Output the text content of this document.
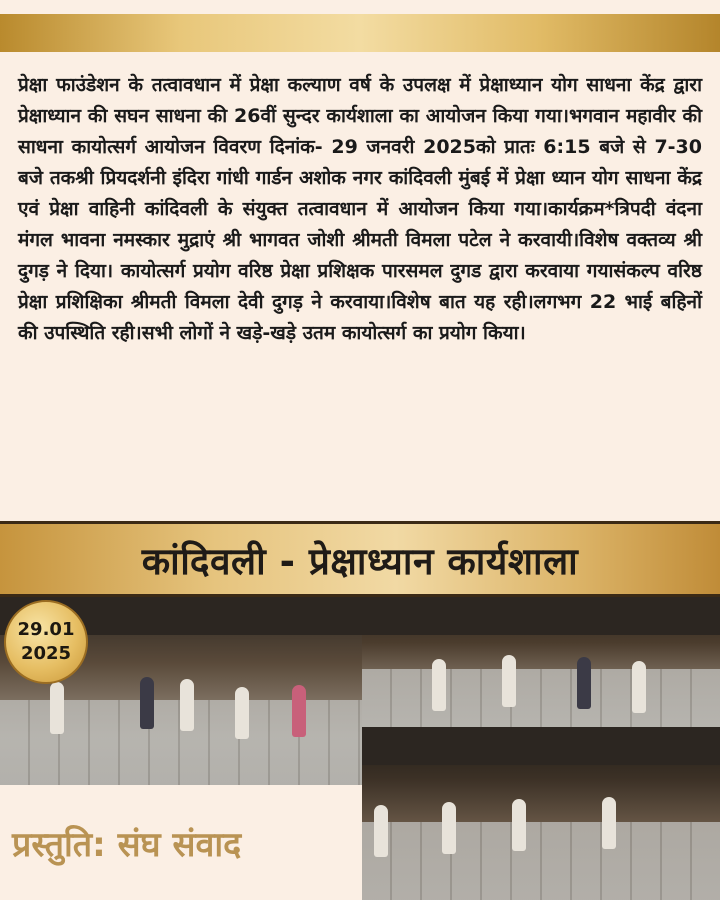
प्रेक्षा फाउंडेशन के तत्वावधान में प्रेक्षा कल्याण वर्ष के उपलक्ष में प्रेक्षाध्यान योग साधना केंद्र द्वारा प्रेक्षाध्यान की सघन साधना की 26वीं सुन्दर कार्यशाला का आयोजन किया गया।भगवान महावीर की साधना कायोत्सर्ग आयोजन विवरण दिनांक- 29 जनवरी 2025को प्रातः 6:15 बजे से 7-30 बजे तकश्री प्रियदर्शनी इंदिरा गांधी गार्डन अशोक नगर कांदिवली मुंबई में प्रेक्षा ध्यान योग साधना केंद्र एवं प्रेक्षा वाहिनी कांदिवली के संयुक्त तत्वावधान में आयोजन किया गया।कार्यक्रम*त्रिपदी वंदना मंगल भावना नमस्कार मुद्राएं श्री भागवत जोशी श्रीमती विमला पटेल ने करवायी।विशेष वक्तव्य श्री दुगड़ ने दिया। कायोत्सर्ग प्रयोग वरिष्ठ प्रेक्षा प्रशिक्षक पारसमल दुगड द्वारा करवाया गयासंकल्प वरिष्ठ प्रेक्षा प्रशिक्षिका श्रीमती विमला देवी दुगड़ ने करवाया।विशेष बात यह रही।लगभग 22 भाई बहिनों की उपस्थिति रही।सभी लोगों ने खड़े-खड़े उतम कायोत्सर्ग का प्रयोग किया।

कांदिवली - प्रेक्षाध्यान कार्यशाला
29.01
2025
प्रस्तुति: संघ संवाद
